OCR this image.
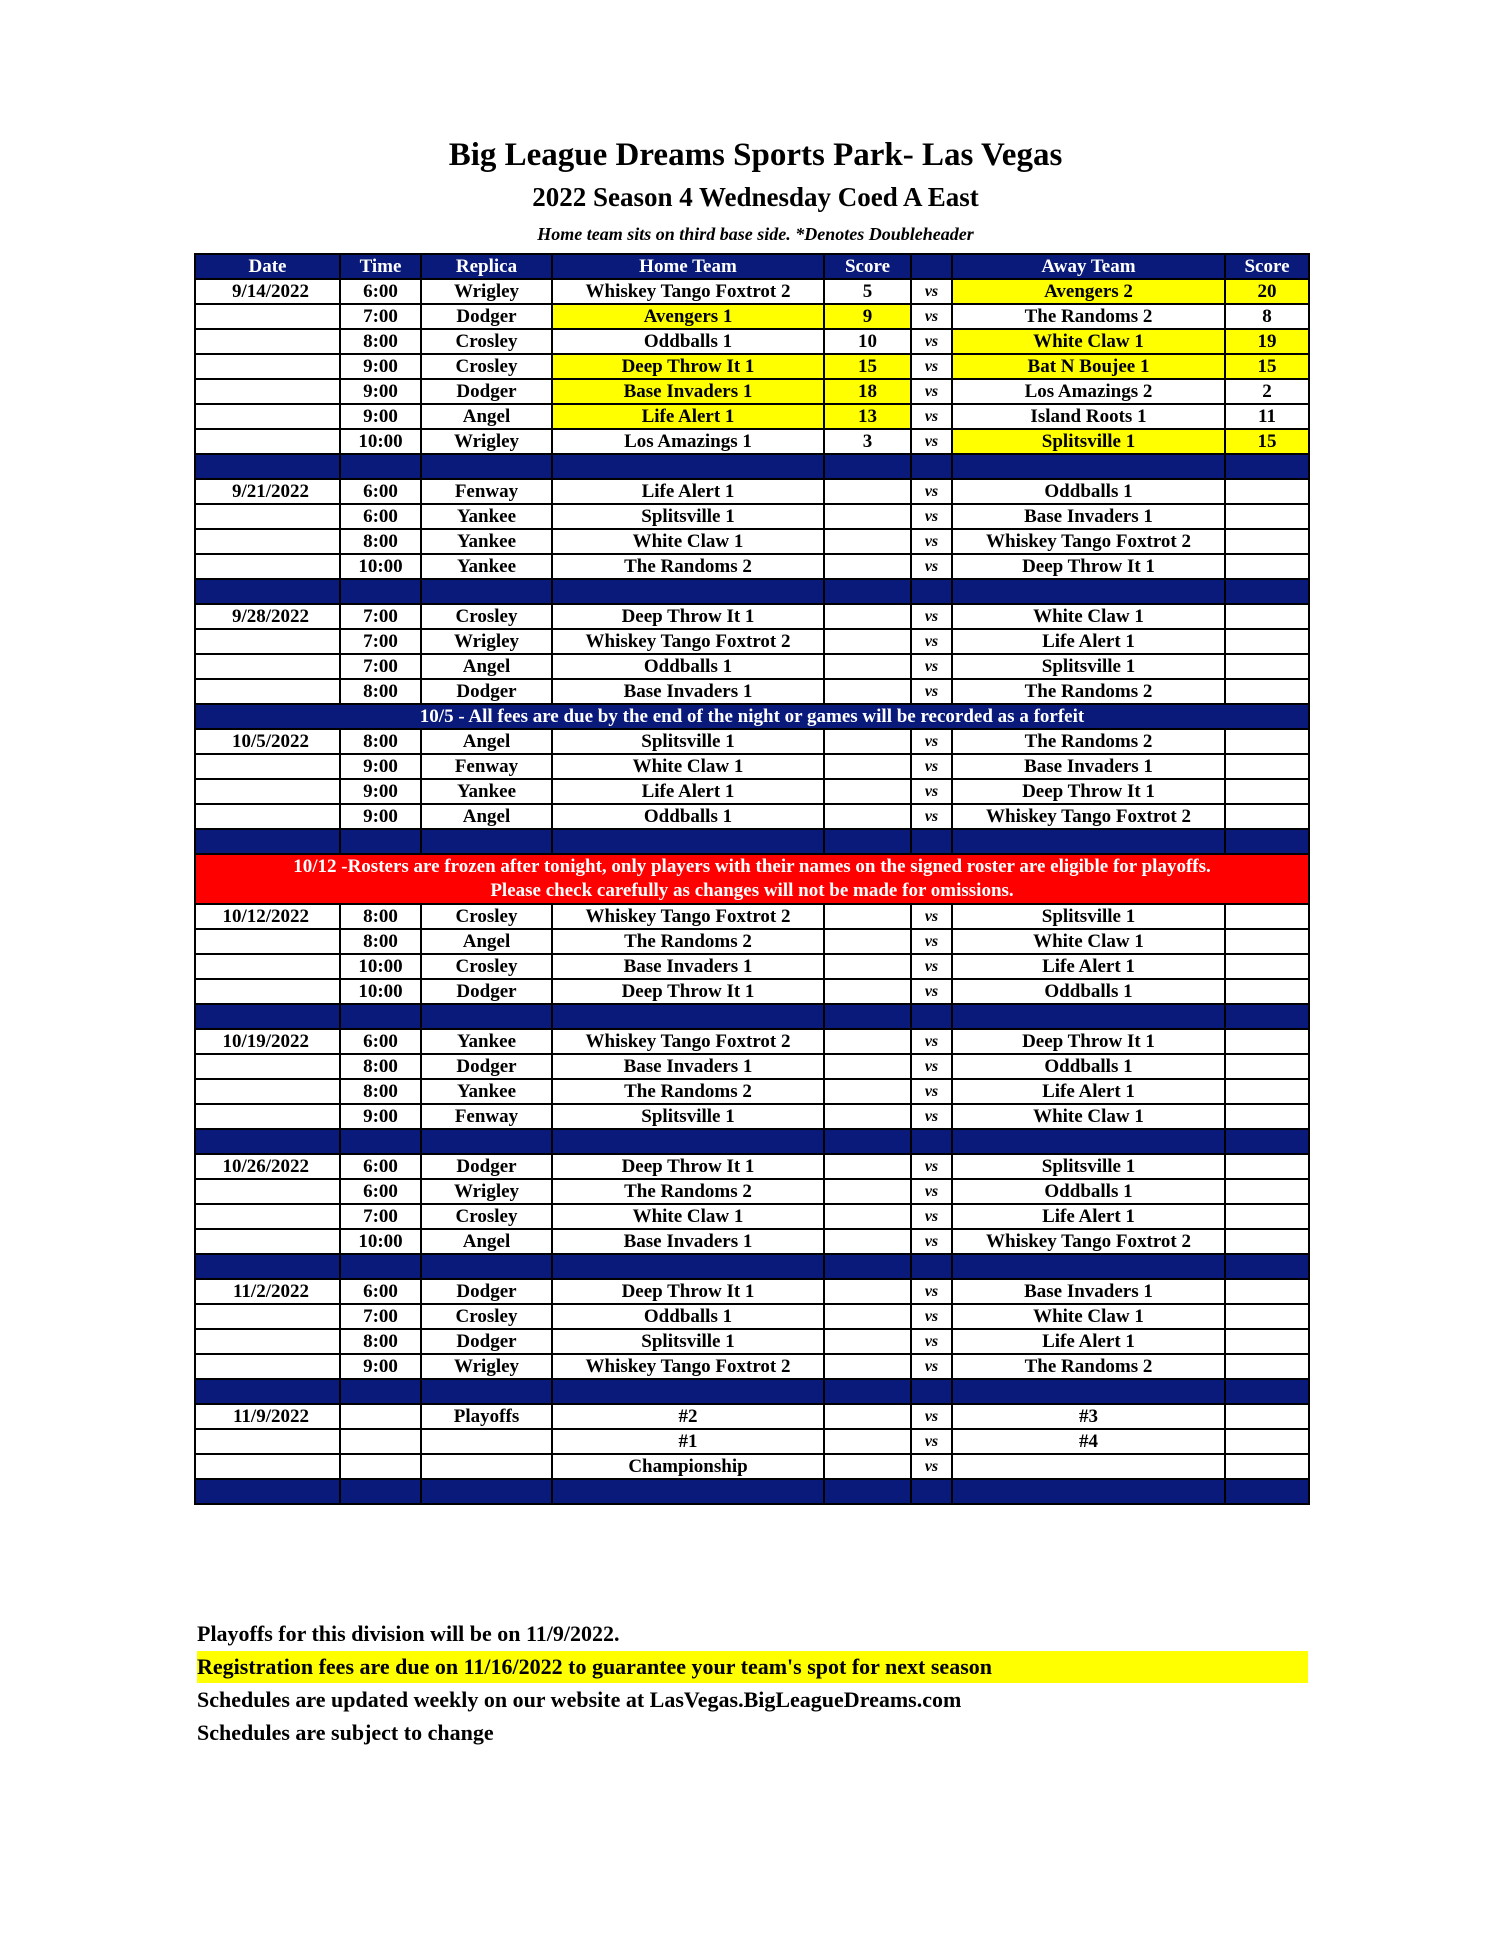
Big League Dreams Sports Park- Las Vegas
2022 Season 4 Wednesday Coed A East
Home team sits on third base side. *Denotes Doubleheader
Date	Time	Replica	Home Team	Score		Away Team	Score
9/14/2022	6:00	Wrigley	Whiskey Tango Foxtrot 2	5	vs	Avengers 2	20
	7:00	Dodger	Avengers 1	9	vs	The Randoms 2	8
	8:00	Crosley	Oddballs 1	10	vs	White Claw 1	19
	9:00	Crosley	Deep Throw It 1	15	vs	Bat N Boujee 1	15
	9:00	Dodger	Base Invaders 1	18	vs	Los Amazings 2	2
	9:00	Angel	Life Alert 1	13	vs	Island Roots 1	11
	10:00	Wrigley	Los Amazings 1	3	vs	Splitsville 1	15

9/21/2022	6:00	Fenway	Life Alert 1		vs	Oddballs 1	
	6:00	Yankee	Splitsville 1		vs	Base Invaders 1	
	8:00	Yankee	White Claw 1		vs	Whiskey Tango Foxtrot 2	
	10:00	Yankee	The Randoms 2		vs	Deep Throw It 1	

9/28/2022	7:00	Crosley	Deep Throw It 1		vs	White Claw 1	
	7:00	Wrigley	Whiskey Tango Foxtrot 2		vs	Life Alert 1	
	7:00	Angel	Oddballs 1		vs	Splitsville 1	
	8:00	Dodger	Base Invaders 1		vs	The Randoms 2	
10/5 - All fees are due by the end of the night or games will be recorded as a forfeit							
10/5/2022	8:00	Angel	Splitsville 1		vs	The Randoms 2	
	9:00	Fenway	White Claw 1		vs	Base Invaders 1	
	9:00	Yankee	Life Alert 1		vs	Deep Throw It 1	
	9:00	Angel	Oddballs 1		vs	Whiskey Tango Foxtrot 2	

10/12 -Rosters are frozen after tonight, only players with their names on the signed roster are eligible for playoffs.
Please check carefully as changes will not be made for omissions.							

10/12/2022	8:00	Crosley	Whiskey Tango Foxtrot 2		vs	Splitsville 1	
	8:00	Angel	The Randoms 2		vs	White Claw 1	
	10:00	Crosley	Base Invaders 1		vs	Life Alert 1	
	10:00	Dodger	Deep Throw It 1		vs	Oddballs 1	

10/19/2022	6:00	Yankee	Whiskey Tango Foxtrot 2		vs	Deep Throw It 1	
	8:00	Dodger	Base Invaders 1		vs	Oddballs 1	
	8:00	Yankee	The Randoms 2		vs	Life Alert 1	
	9:00	Fenway	Splitsville 1		vs	White Claw 1	

10/26/2022	6:00	Dodger	Deep Throw It 1		vs	Splitsville 1	
	6:00	Wrigley	The Randoms 2		vs	Oddballs 1	
	7:00	Crosley	White Claw 1		vs	Life Alert 1	
	10:00	Angel	Base Invaders 1		vs	Whiskey Tango Foxtrot 2	

11/2/2022	6:00	Dodger	Deep Throw It 1		vs	Base Invaders 1	
	7:00	Crosley	Oddballs 1		vs	White Claw 1	
	8:00	Dodger	Splitsville 1		vs	Life Alert 1	
	9:00	Wrigley	Whiskey Tango Foxtrot 2		vs	The Randoms 2	

11/9/2022		Playoffs	#2		vs	#3	
			#1		vs	#4	
			Championship		vs		

Playoffs for this division will be on 11/9/2022.
Registration fees are due on 11/16/2022 to guarantee your team's spot for next season
Schedules are updated weekly on our website at LasVegas.BigLeagueDreams.com
Schedules are subject to change
